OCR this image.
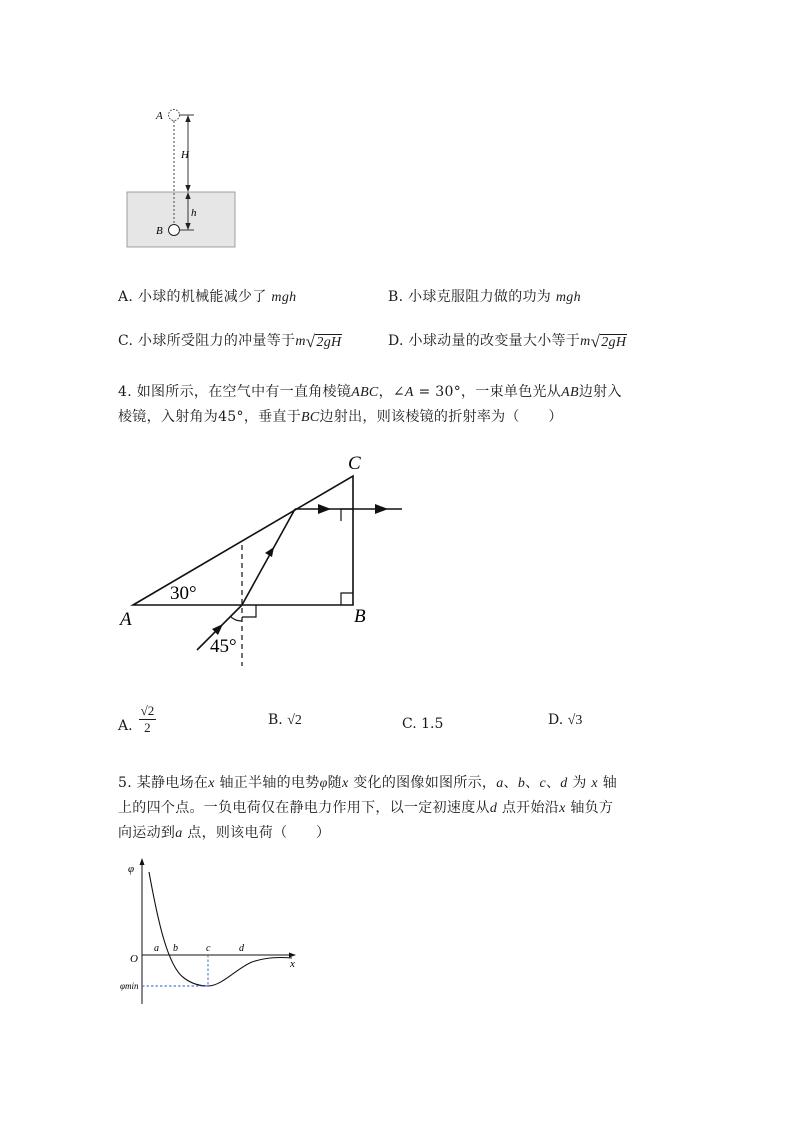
A
B
H
h
A. 小球的机械能减少了 mgh	B. 小球克服阻力做的功为 mgh
C. 小球所受阻力的冲量等于 m √ 2gH	D. 小球动量的改变量大小等于 m √ 2gH
4. 如图所示，在空气中有一直角棱镜ABC，∠A = 30°，一束单色光从AB边射入
棱镜，入射角为45°，垂直于BC边射出，则该棱镜的折射率为（　　）
A	B
C
30°
45°
A. $\frac{√2}{2}$	B. √2	C. 1.5	D. √3
5. 某静电场在x 轴正半轴的电势φ随x 变化的图像如图所示，a、b、c、d 为 x 轴
上的四个点。一负电荷仅在静电力作用下，以一定初速度从d 点开始沿x 轴负方
向运动到a 点，则该电荷（　　）
φ
O	x
a b	c	d
φmin
